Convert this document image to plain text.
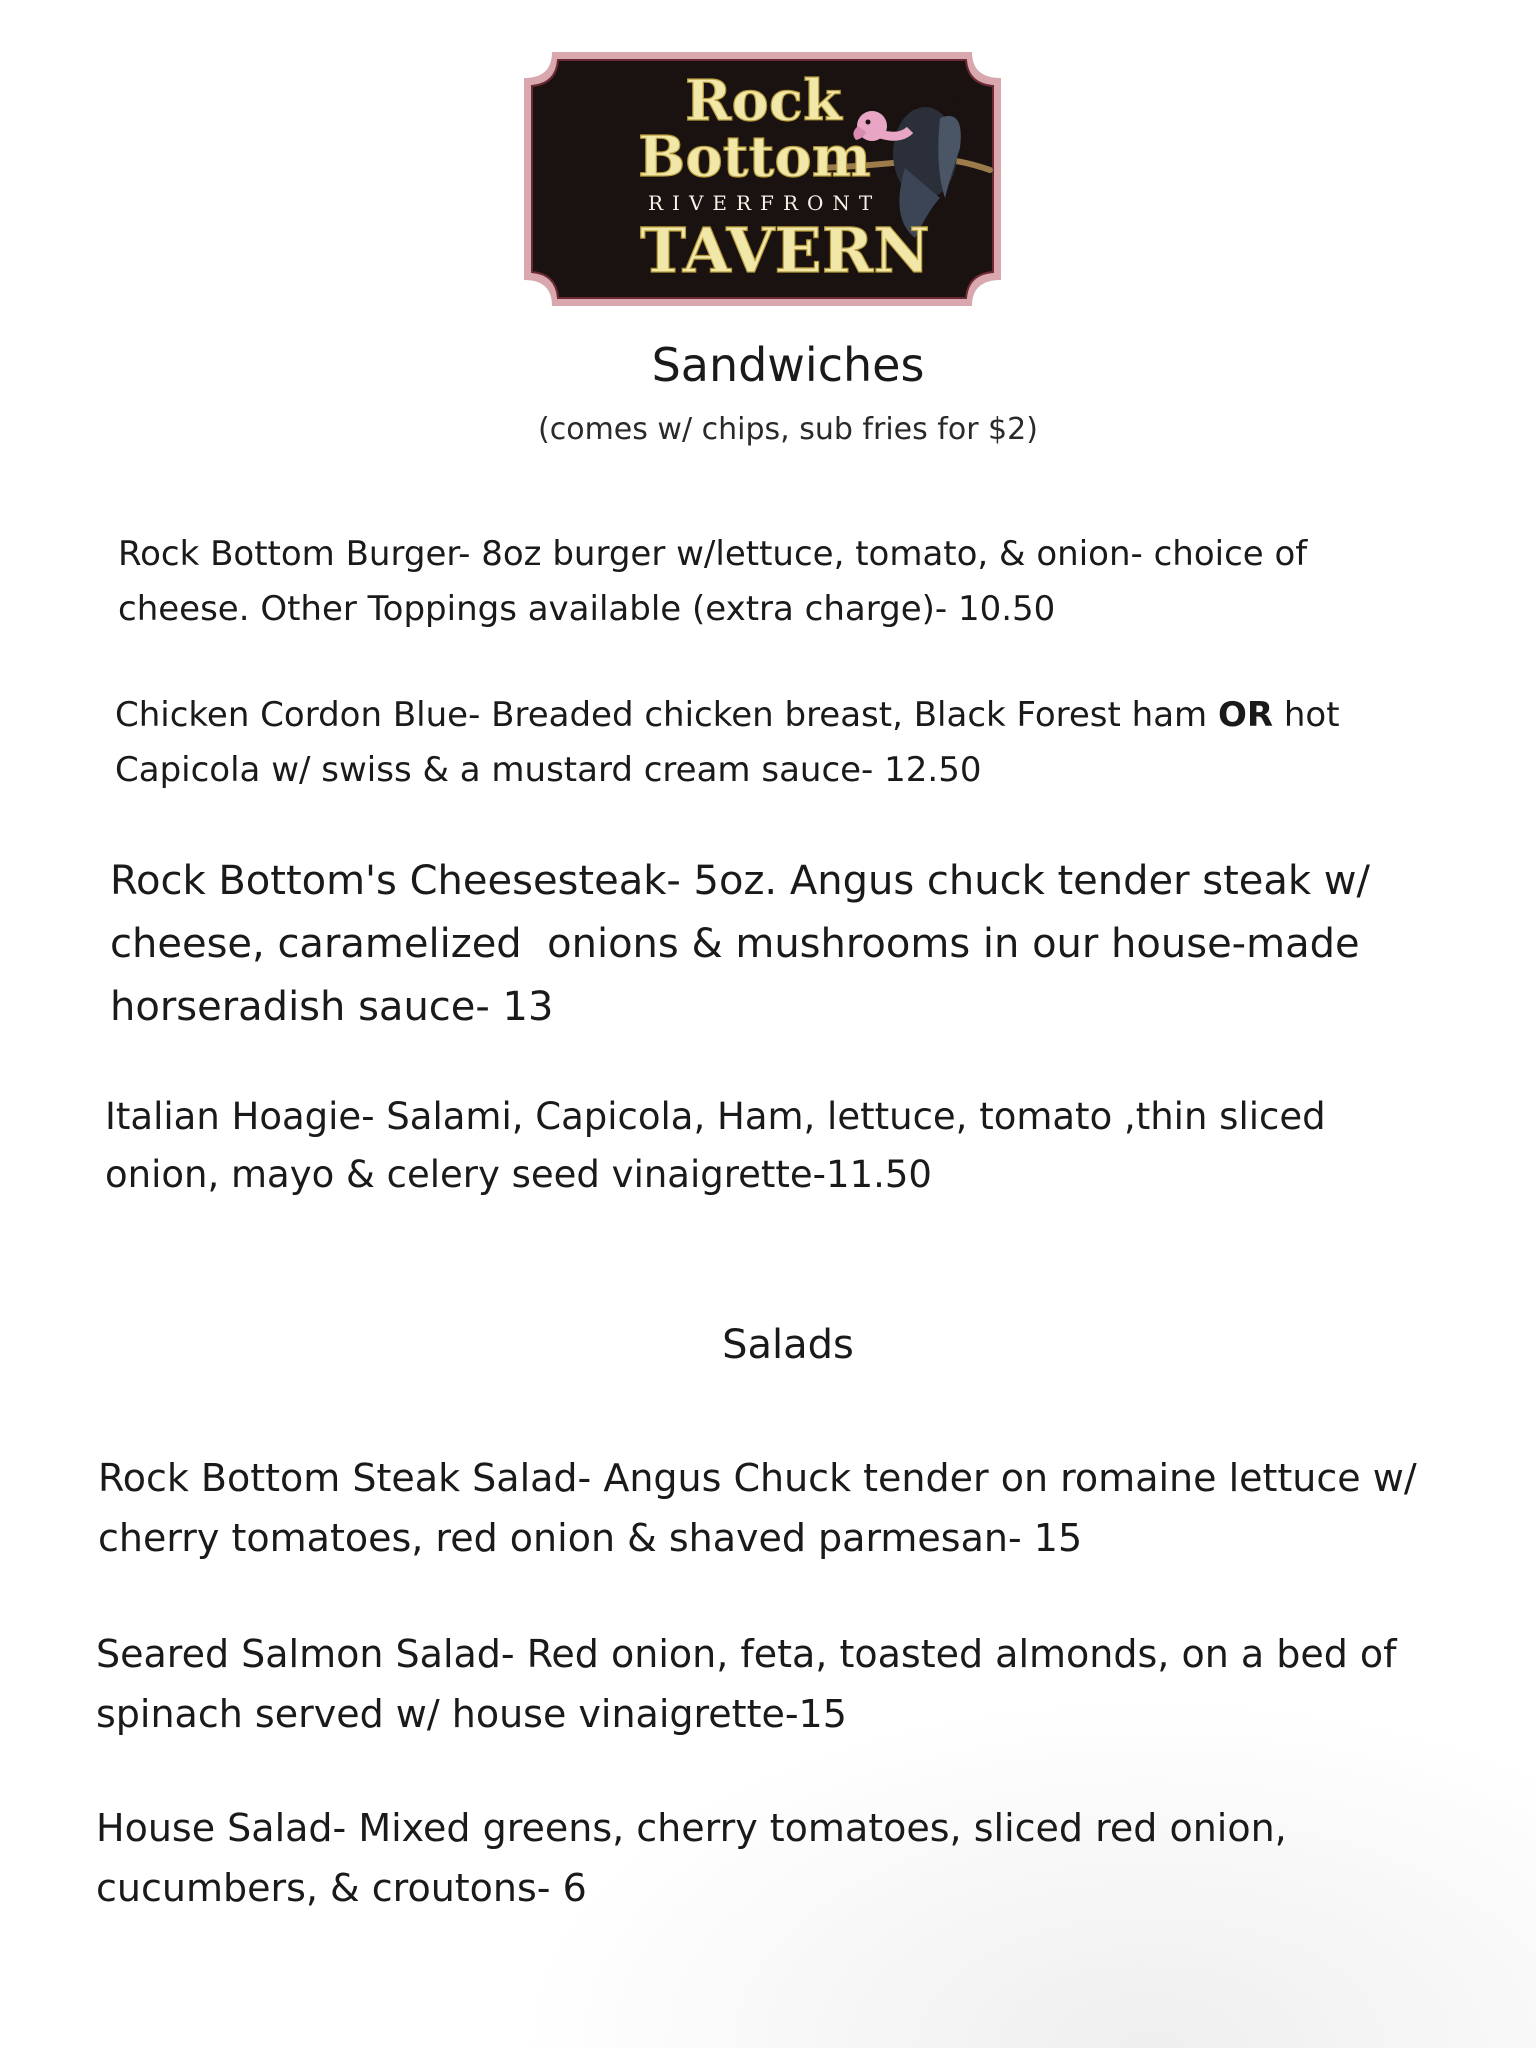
Rock
Bottom
RIVERFRONT
TAVERN
Sandwiches
(comes w/ chips, sub fries for $2)
Rock Bottom Burger- 8oz burger w/lettuce, tomato, & onion- choice of
cheese. Other Toppings available (extra charge)- 10.50
Chicken Cordon Blue- Breaded chicken breast, Black Forest ham OR hot
Capicola w/ swiss & a mustard cream sauce- 12.50
Rock Bottom's Cheesesteak- 5oz. Angus chuck tender steak w/
cheese, caramelized  onions & mushrooms in our house-made
horseradish sauce- 13
Italian Hoagie- Salami, Capicola, Ham, lettuce, tomato ,thin sliced
onion, mayo & celery seed vinaigrette-11.50
Salads
Rock Bottom Steak Salad- Angus Chuck tender on romaine lettuce w/
cherry tomatoes, red onion & shaved parmesan- 15
Seared Salmon Salad- Red onion, feta, toasted almonds, on a bed of
spinach served w/ house vinaigrette-15
House Salad- Mixed greens, cherry tomatoes, sliced red onion,
cucumbers, & croutons- 6
